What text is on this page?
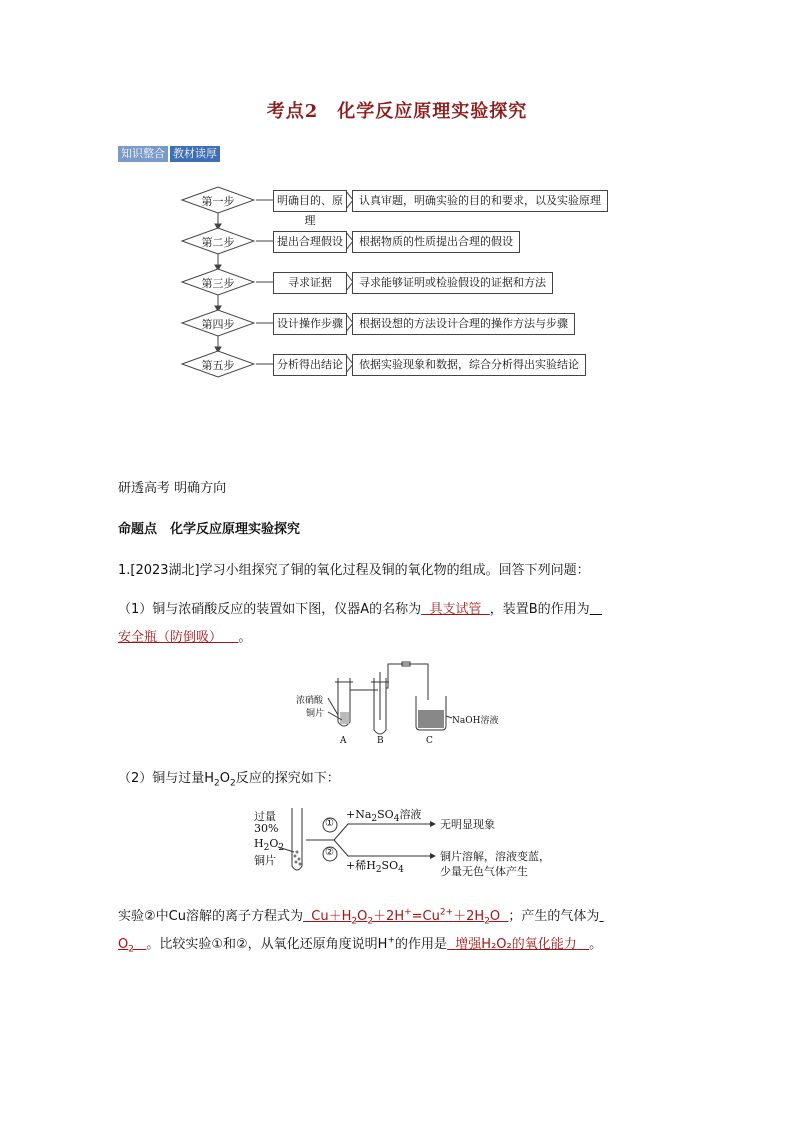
考点2　化学反应原理实验探究
知识整合 教材读厚
第一步
第二步
第三步
第四步
第五步
明确目的、原理
提出合理假设
寻求证据
设计操作步骤
分析得出结论
认真审题，明确实验的目的和要求，以及实验原理
根据物质的性质提出合理的假设
寻求能够证明或检验假设的证据和方法
根据设想的方法设计合理的操作方法与步骤
依据实验现象和数据，综合分析得出实验结论
研透高考 明确方向
命题点　化学反应原理实验探究
1.[2023湖北]学习小组探究了铜的氧化过程及铜的氧化物的组成。回答下列问题：
（1）铜与浓硝酸反应的装置如下图，仪器A的名称为 具支试管 ，装置B的作用为
安全瓶（防倒吸） 。
浓硝酸
铜片
NaOH溶液
A	B	C
（2）铜与过量$H_2O_2$反应的探究如下：
过量
30%
$H_2O_2$
铜片
①
②
$+Na_2SO_4$溶液
+稀$H_2SO_4$
无明显现象
铜片溶解，溶液变蓝，
少量无色气体产生
实验②中Cu溶解的离子方程式为  $Cu+H_2O_2+2H^+=Cu^{2+}+2H_2O$  ；产生的气体为
$O_2$ 。比较实验①和②，从氧化还原角度说明H+的作用是 增强H₂O₂的氧化能力 。
